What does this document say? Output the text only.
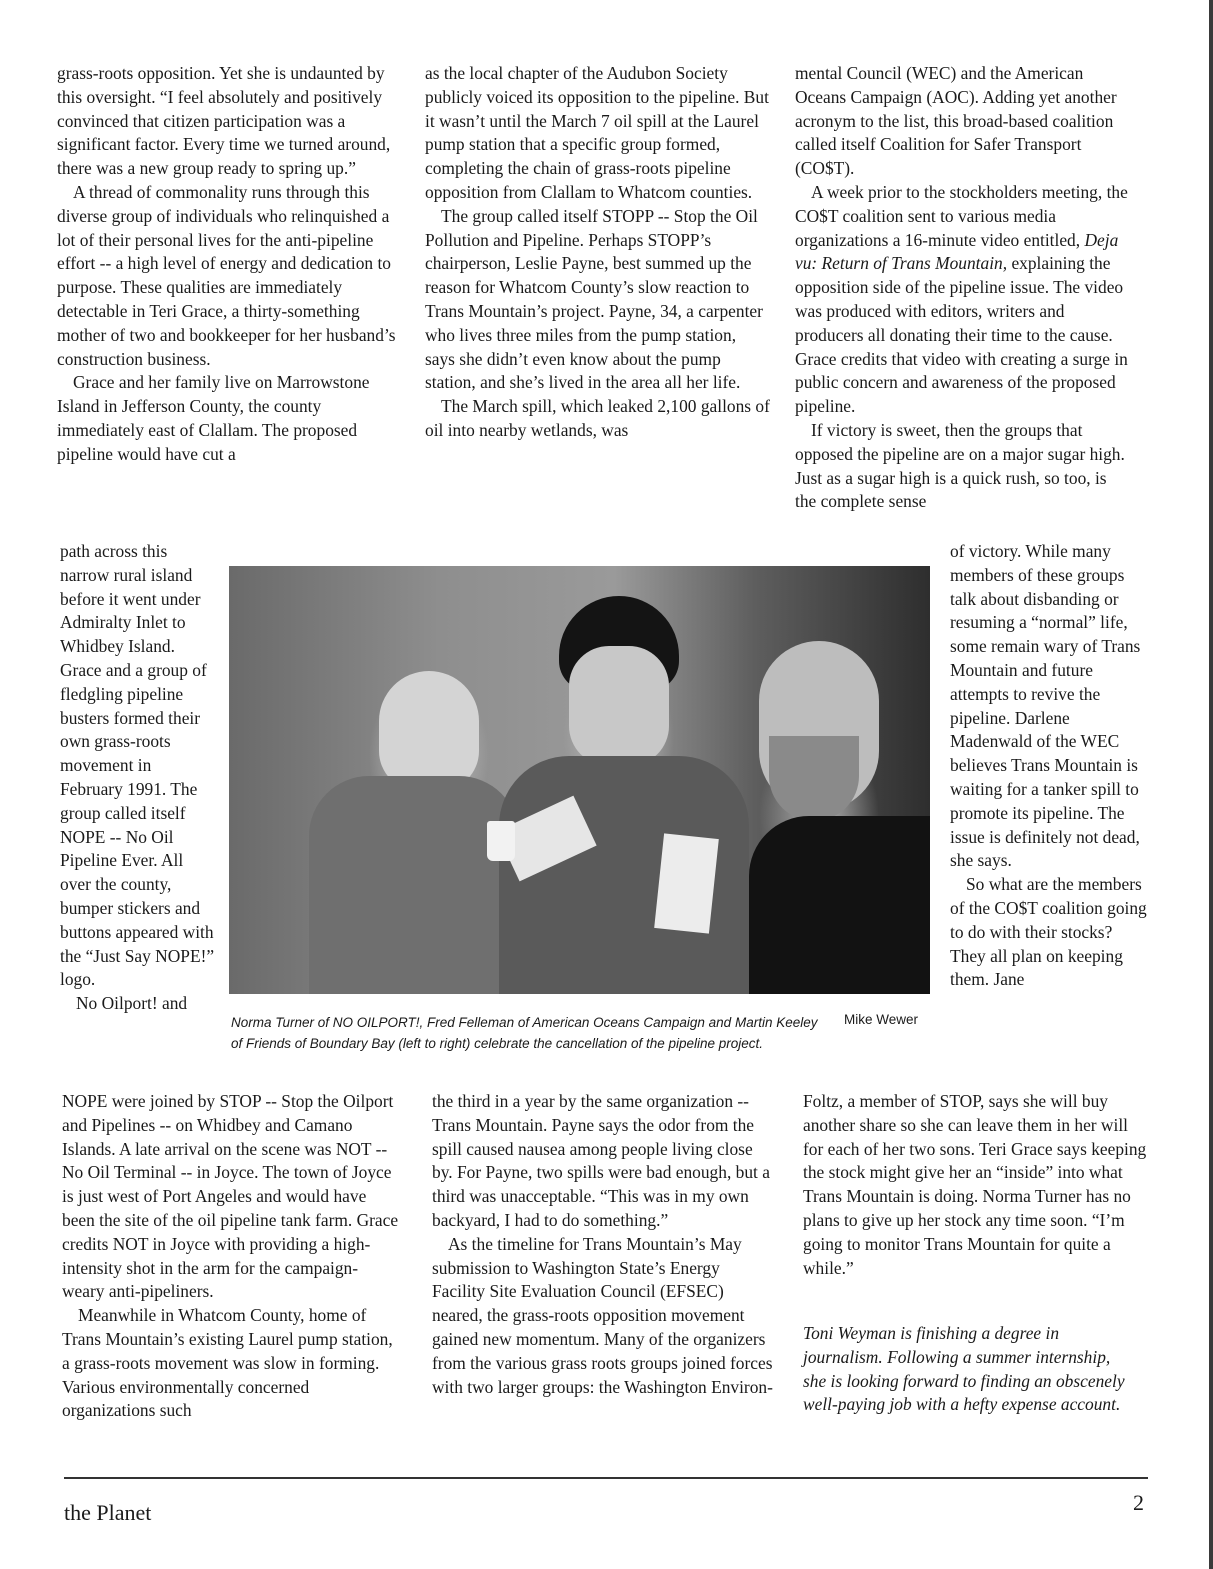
grass-roots opposition. Yet she is undaunted by this oversight. “I feel absolutely and positively convinced that citizen participation was a significant factor. Every time we turned around, there was a new group ready to spring up.”

A thread of commonality runs through this diverse group of individuals who relinquished a lot of their personal lives for the anti-pipeline effort -- a high level of energy and dedication to purpose. These qualities are immediately detectable in Teri Grace, a thirty-something mother of two and bookkeeper for her husband’s construction business.

Grace and her family live on Marrowstone Island in Jefferson County, the county immediately east of Clallam. The proposed pipeline would have cut a

path across this narrow rural island before it went under Admiralty Inlet to Whidbey Island. Grace and a group of fledgling pipeline busters formed their own grass-roots movement in February 1991. The group called itself NOPE -- No Oil Pipeline Ever. All over the county, bumper stickers and buttons appeared with the “Just Say NOPE!” logo.

No Oilport! and

NOPE were joined by STOP -- Stop the Oilport and Pipelines -- on Whidbey and Camano Islands. A late arrival on the scene was NOT -- No Oil Terminal -- in Joyce. The town of Joyce is just west of Port Angeles and would have been the site of the oil pipeline tank farm. Grace credits NOT in Joyce with providing a high-intensity shot in the arm for the campaign-weary anti-pipeliners.

Meanwhile in Whatcom County, home of Trans Mountain’s existing Laurel pump station, a grass-roots movement was slow in forming. Various environmentally concerned organizations such

as the local chapter of the Audubon Society publicly voiced its opposition to the pipeline. But it wasn’t until the March 7 oil spill at the Laurel pump station that a specific group formed, completing the chain of grass-roots pipeline opposition from Clallam to Whatcom counties.

The group called itself STOPP -- Stop the Oil Pollution and Pipeline. Perhaps STOPP’s chairperson, Leslie Payne, best summed up the reason for Whatcom County’s slow reaction to Trans Mountain’s project. Payne, 34, a carpenter who lives three miles from the pump station, says she didn’t even know about the pump station, and she’s lived in the area all her life.

The March spill, which leaked 2,100 gallons of oil into nearby wetlands, was

the third in a year by the same organization -- Trans Mountain. Payne says the odor from the spill caused nausea among people living close by. For Payne, two spills were bad enough, but a third was unacceptable. “This was in my own backyard, I had to do something.”

As the timeline for Trans Mountain’s May submission to Washington State’s Energy Facility Site Evaluation Council (EFSEC) neared, the grass-roots opposition movement gained new momentum. Many of the organizers from the various grass roots groups joined forces with two larger groups: the Washington Environ-

mental Council (WEC) and the American Oceans Campaign (AOC). Adding yet another acronym to the list, this broad-based coalition called itself Coalition for Safer Transport (CO$T).

A week prior to the stockholders meeting, the CO$T coalition sent to various media organizations a 16-minute video entitled, Deja vu: Return of Trans Mountain, explaining the opposition side of the pipeline issue. The video was produced with editors, writers and producers all donating their time to the cause. Grace credits that video with creating a surge in public concern and awareness of the proposed pipeline.

If victory is sweet, then the groups that opposed the pipeline are on a major sugar high. Just as a sugar high is a quick rush, so too, is the complete sense

of victory. While many members of these groups talk about disbanding or resuming a “normal” life, some remain wary of Trans Mountain and future attempts to revive the pipeline. Darlene Madenwald of the WEC believes Trans Mountain is waiting for a tanker spill to promote its pipeline. The issue is definitely not dead, she says.

So what are the members of the CO$T coalition going to do with their stocks? They all plan on keeping them. Jane

Foltz, a member of STOP, says she will buy another share so she can leave them in her will for each of her two sons. Teri Grace says keeping the stock might give her an “inside” into what Trans Mountain is doing. Norma Turner has no plans to give up her stock any time soon. “I’m going to monitor Trans Mountain for quite a while.”

Toni Weyman is finishing a degree in journalism. Following a summer internship, she is looking forward to finding an obscenely well-paying job with a hefty expense account.

Norma Turner of NO OILPORT!, Fred Felleman of American Oceans Campaign and Martin Keeley of Friends of Boundary Bay (left to right) celebrate the cancellation of the pipeline project.
Mike Wewer
the Planet	2
